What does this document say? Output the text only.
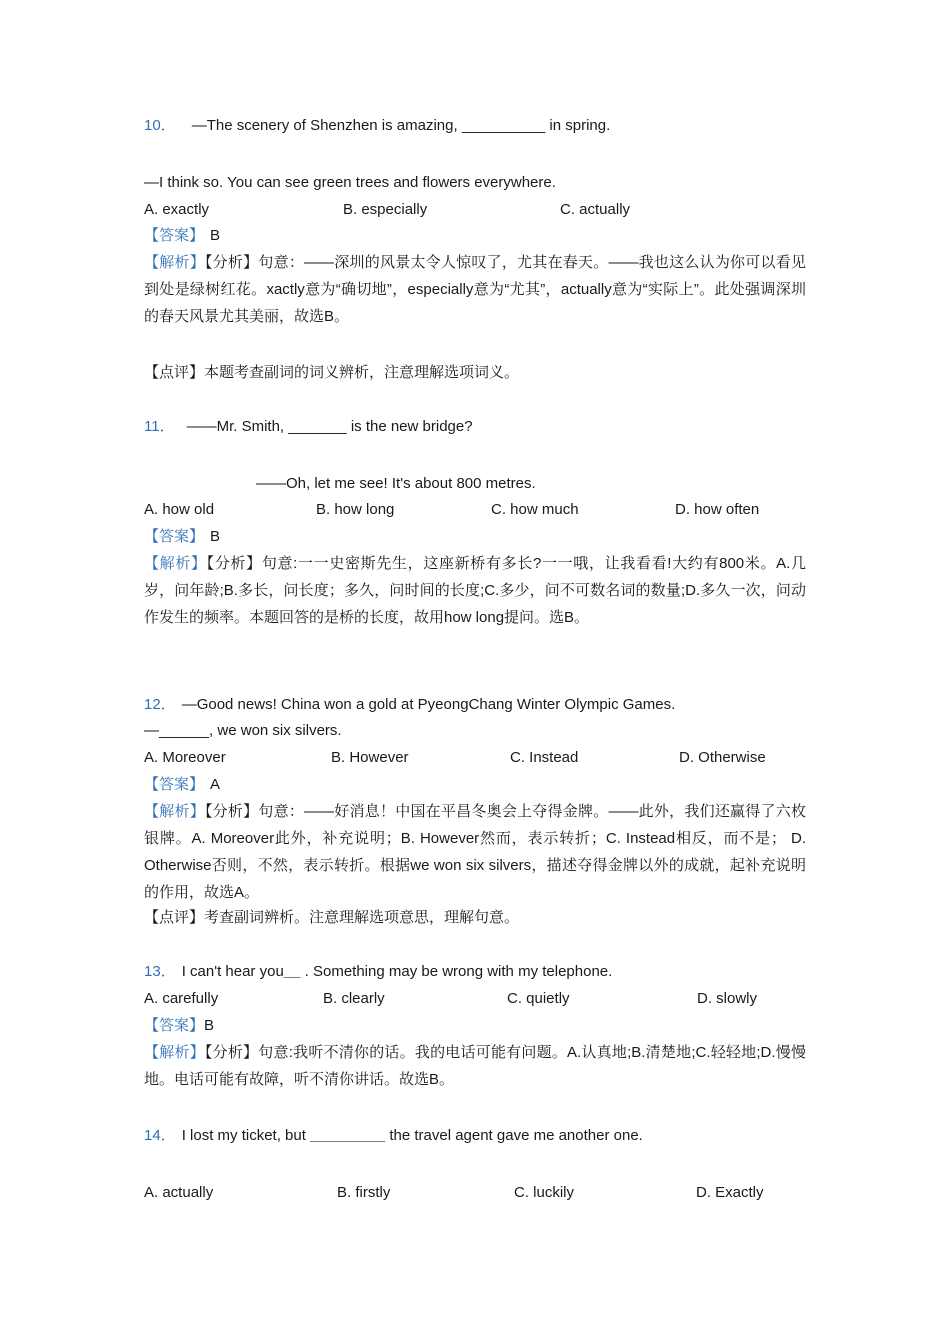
10． —The scenery of Shenzhen is amazing, __________ in spring.
—I think so. You can see green trees and flowers everywhere.
A. exactly	B. especially	C. actually
【答案】 B
【解析】【分析】句意：——深圳的风景太令人惊叹了，尤其在春天。——我也这么认为你可以看见到处是绿树红花。xactly意为“确切地”，especially意为“尤其”，actually意为“实际上”。此处强调深圳的春天风景尤其美丽，故选B。
【点评】本题考查副词的词义辨析，注意理解选项词义。
11． ——Mr. Smith, _______ is the new bridge?
——Oh, let me see! It's about 800 metres.
A. how old	B. how long	C. how much	D. how often
【答案】 B
【解析】【分析】句意:一一史密斯先生，这座新桥有多长?一一哦，让我看看!大约有800米。A.几岁，问年龄;B.多长，问长度；多久，问时间的长度;C.多少，问不可数名词的数量;D.多久一次，问动作发生的频率。本题回答的是桥的长度，故用how long提问。选B。
12． —Good news! China won a gold at PyeongChang Winter Olympic Games.
—______, we won six silvers.
A. Moreover	B. However	C. Instead	D. Otherwise
【答案】 A
【解析】【分析】句意：——好消息！中国在平昌冬奥会上夺得金牌。——此外，我们还赢得了六枚银牌。A. Moreover此外，补充说明；B. However然而，表示转折；C. Instead相反，而不是； D. Otherwise否则，不然，表示转折。根据we won six silvers，描述夺得金牌以外的成就，起补充说明的作用，故选A。
【点评】考查副词辨析。注意理解选项意思，理解句意。
13． I can't hear you__ . Something may be wrong with my telephone.
A. carefully	B. clearly	C. quietly	D. slowly
【答案】B
【解析】【分析】句意:我听不清你的话。我的电话可能有问题。A.认真地;B.清楚地;C.轻轻地;D.慢慢地。电话可能有故障，听不清你讲话。故选B。
14． I lost my ticket, but _________ the travel agent gave me another one.
A. actually	B. firstly	C. luckily	D. Exactly
